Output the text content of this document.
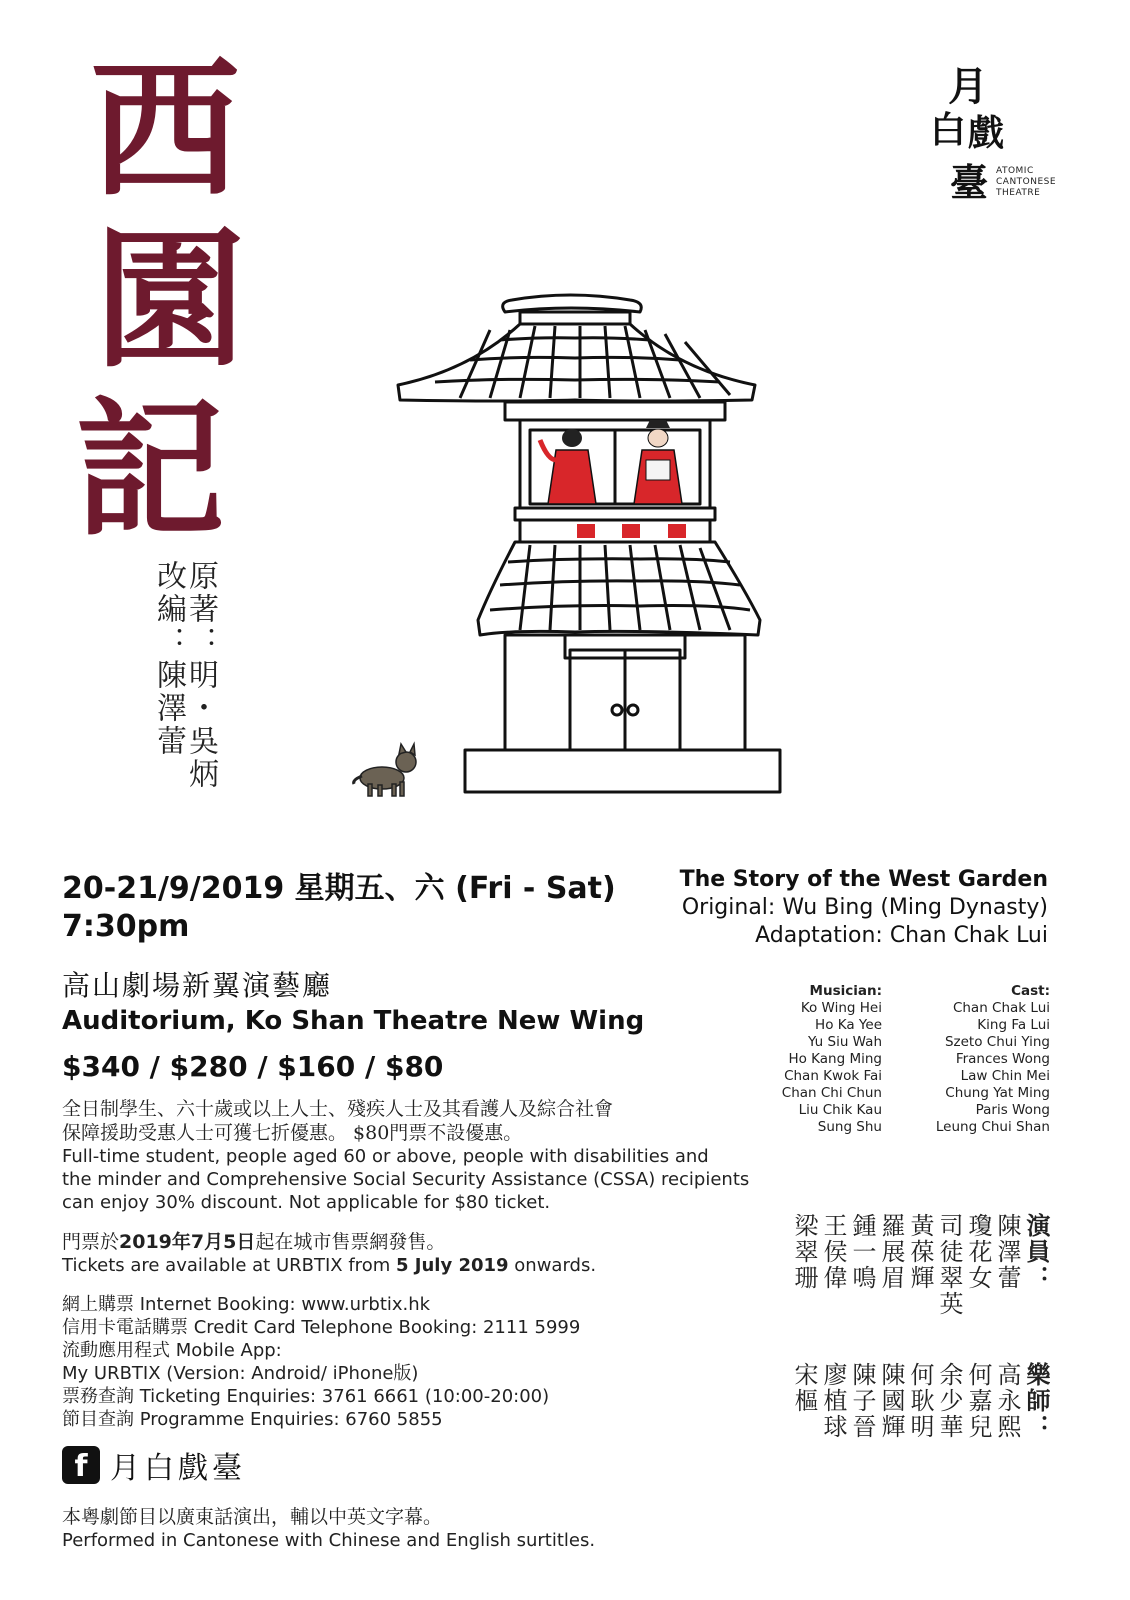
西
園
記
原著：明・吳炳
改編：陳澤蕾
月
白 戲
臺 ATOMIC
CANTONESE
THEATRE
20-21/9/2019 星期五、六 (Fri - Sat)
7:30pm
高山劇場新翼演藝廳
Auditorium, Ko Shan Theatre New Wing
$340 / $280 / $160 / $80
全日制學生、六十歲或以上人士、殘疾人士及其看護人及綜合社會
保障援助受惠人士可獲七折優惠。 $80門票不設優惠。
Full-time student, people aged 60 or above, people with disabilities and
the minder and Comprehensive Social Security Assistance (CSSA) recipients
can enjoy 30% discount. Not applicable for $80 ticket.
門票於2019年7月5日起在城市售票網發售。
Tickets are available at URBTIX from 5 July 2019 onwards.
網上購票 Internet Booking: www.urbtix.hk
信用卡電話購票 Credit Card Telephone Booking: 2111 5999
流動應用程式 Mobile App:
My URBTIX (Version: Android/ iPhone版)
票務查詢 Ticketing Enquiries: 3761 6661 (10:00-20:00)
節目查詢 Programme Enquiries: 6760 5855
f 月白戲臺
本粵劇節目以廣東話演出，輔以中英文字幕。
Performed in Cantonese with Chinese and English surtitles.
The Story of the West Garden
Original: Wu Bing (Ming Dynasty)
Adaptation: Chan Chak Lui
Musician:
Ko Wing Hei
Ho Ka Yee
Yu Siu Wah
Ho Kang Ming
Chan Kwok Fai
Chan Chi Chun
Liu Chik Kau
Sung Shu
Cast:
Chan Chak Lui
King Fa Lui
Szeto Chui Ying
Frances Wong
Law Chin Mei
Chung Yat Ming
Paris Wong
Leung Chui Shan
演員：
陳澤蕾
瓊花女
司徒翠英
黃葆輝
羅展眉
鍾一鳴
王侯偉
梁翠珊
樂師：
高永熙
何嘉兒
余少華
何耿明
陳國輝
陳子晉
廖植球
宋樞
